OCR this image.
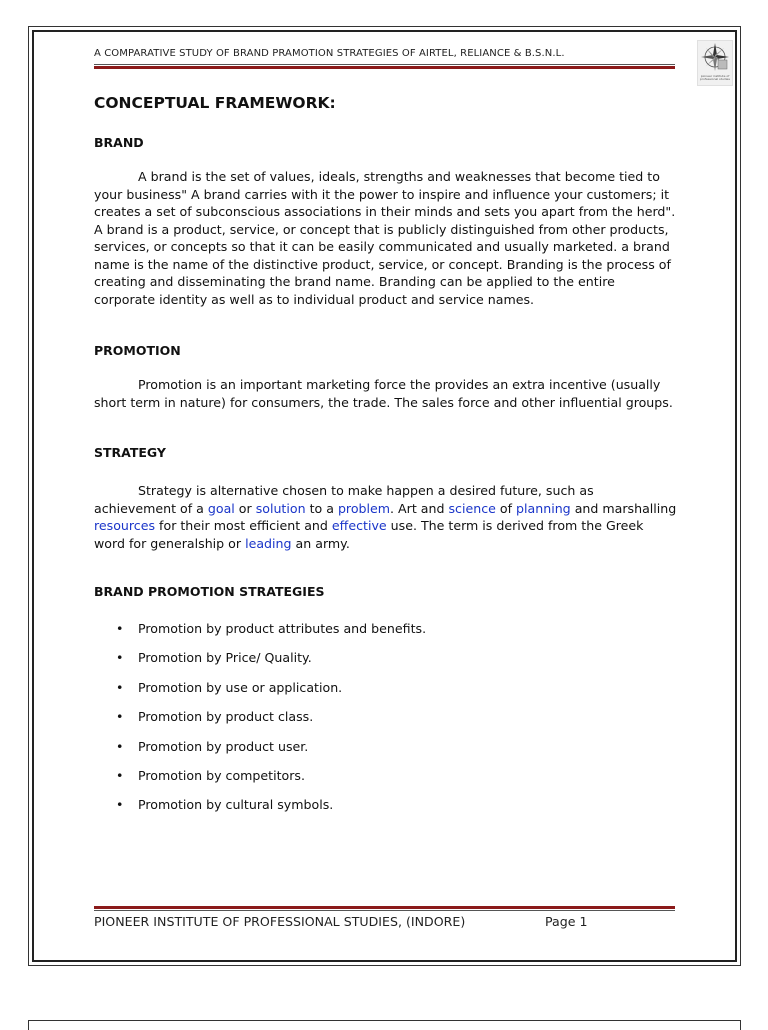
A COMPARATIVE STUDY OF BRAND PRAMOTION STRATEGIES OF AIRTEL, RELIANCE & B.S.N.L.
pioneer institute of professional studies
CONCEPTUAL FRAMEWORK:
BRAND

A brand is the set of values, ideals, strengths and weaknesses that become tied to your business" A brand carries with it the power to inspire and influence your customers; it creates a set of subconscious associations in their minds and sets you apart from the herd". A brand is a product, service, or concept that is publicly distinguished from other products, services, or concepts so that it can be easily communicated and usually marketed. a brand name is the name of the distinctive product, service, or concept. Branding is the process of creating and disseminating the brand name. Branding can be applied to the entire corporate identity as well as to individual product and service names.

PROMOTION

Promotion is an important marketing force the provides an extra incentive (usually short term in nature) for consumers, the trade. The sales force and other influential groups.

STRATEGY

Strategy is alternative chosen to make happen a desired future, such as achievement of a goal or solution to a problem. Art and science of planning and marshalling resources for their most efficient and effective use. The term is derived from the Greek word for generalship or leading an army.

BRAND PROMOTION STRATEGIES
• Promotion by product attributes and benefits.
• Promotion by Price/ Quality.
• Promotion by use or application.
• Promotion by product class.
• Promotion by product user.
• Promotion by competitors.
• Promotion by cultural symbols.
PIONEER INSTITUTE OF PROFESSIONAL STUDIES, (INDORE)	Page 1
